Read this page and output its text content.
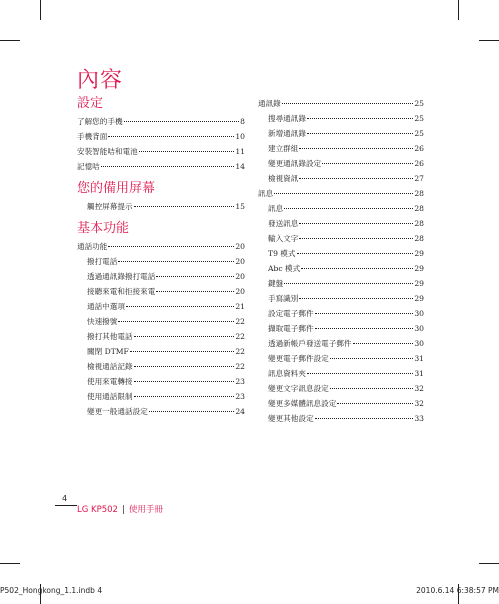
內容
設定
了解您的手機	8
手機背面	10
安裝智能咭和電池	11
記憶咭	14
您的備用屏幕
觸控屏幕提示	15
基本功能
通話功能	20
撥打電話	20
透過通訊錄撥打電話	20
接聽來電和拒接來電	20
通話中選項	21
快速撥號	22
撥打其他電話	22
關閉 DTMF	22
檢視通話記錄	22
使用來電轉接	23
使用通話限制	23
變更一般通話設定	24
通訊錄	25
搜尋通訊錄	25
新增通訊錄	25
建立群組	26
變更通訊錄設定	26
檢視資訊	27
訊息	28
訊息	28
發送訊息	28
輸入文字	28
T9 模式	29
Abc 模式	29
鍵盤	29
手寫識別	29
設定電子郵件	30
擷取電子郵件	30
透過新帳戶發送電子郵件	30
變更電子郵件設定	31
訊息資料夾	31
變更文字訊息設定	32
變更多媒體訊息設定	32
變更其他設定	33
4
LG KP502 | 使用手冊
P502_Hongkong_1.1.indb 4	2010.6.14 6:38:57 PM
